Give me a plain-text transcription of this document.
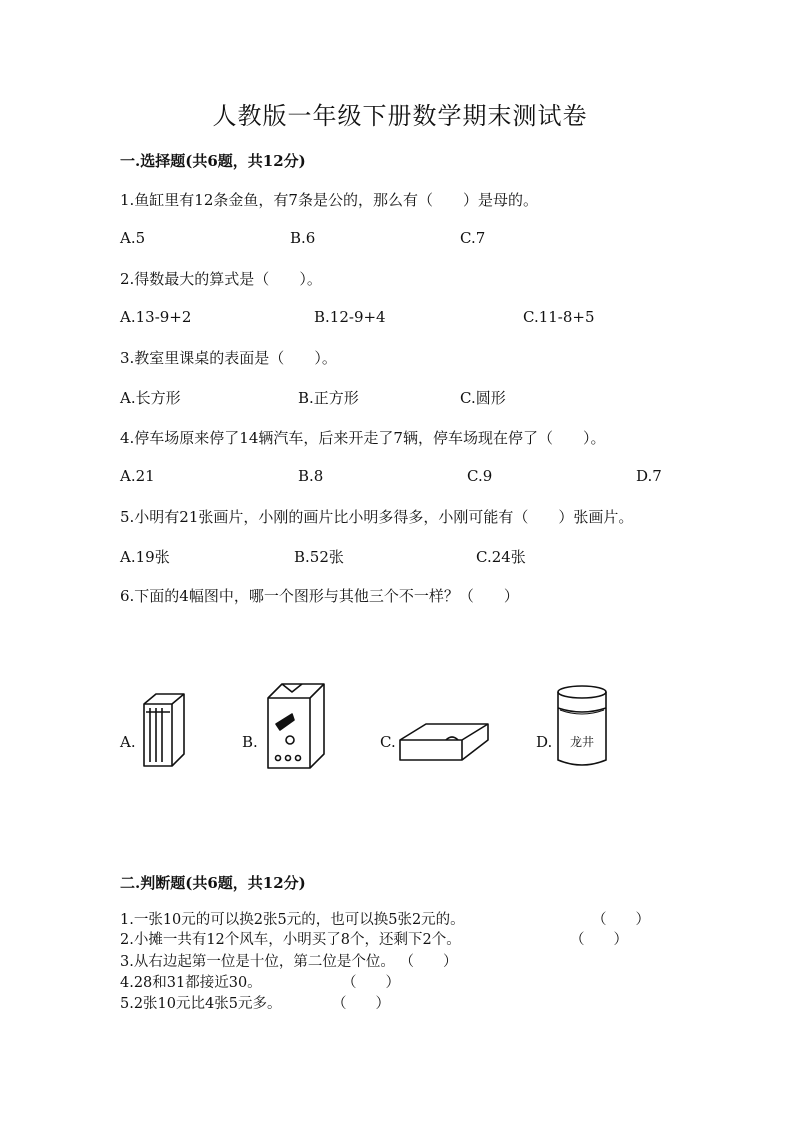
人教版一年级下册数学期末测试卷
一.选择题(共6题，共12分)
1.鱼缸里有12条金鱼，有7条是公的，那么有（　　）是母的。
A.5	B.6	C.7
2.得数最大的算式是（　　）。
A.13-9+2	B.12-9+4	C.11-8+5
3.教室里课桌的表面是（　　）。
A.长方形	B.正方形	C.圆形
4.停车场原来停了14辆汽车，后来开走了7辆，停车场现在停了（　　）。
A.21	B.8	C.9	D.7
5.小明有21张画片，小刚的画片比小明多得多，小刚可能有（　　）张画片。
A.19张	B.52张	C.24张
6.下面的4幅图中，哪一个图形与其他三个不一样？（　　）
A.	B.	C.	D. 龙井
二.判断题(共6题，共12分)
1.一张10元的可以换2张5元的，也可以换5张2元的。	（　　）
2.小摊一共有12个风车，小明买了8个，还剩下2个。	（　　）
3.从右边起第一位是十位，第二位是个位。 （　　）
4.28和31都接近30。	（　　）
5.2张10元比4张5元多。	（　　）
